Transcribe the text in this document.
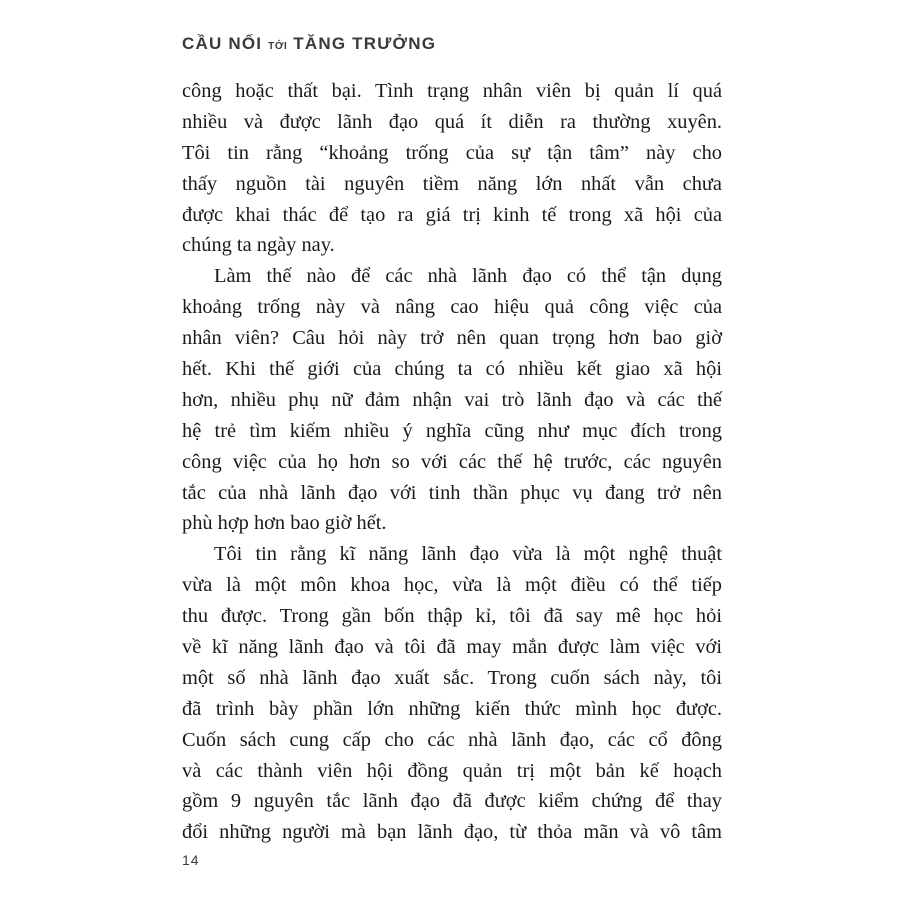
CẦU NỐI TỚI TĂNG TRƯỞNG
công hoặc thất bại. Tình trạng nhân viên bị quản lí quá
nhiều và được lãnh đạo quá ít diễn ra thường xuyên.
Tôi tin rằng “khoảng trống của sự tận tâm” này cho
thấy nguồn tài nguyên tiềm năng lớn nhất vẫn chưa
được khai thác để tạo ra giá trị kinh tế trong xã hội của
chúng ta ngày nay.
Làm thế nào để các nhà lãnh đạo có thể tận dụng
khoảng trống này và nâng cao hiệu quả công việc của
nhân viên? Câu hỏi này trở nên quan trọng hơn bao giờ
hết. Khi thế giới của chúng ta có nhiều kết giao xã hội
hơn, nhiều phụ nữ đảm nhận vai trò lãnh đạo và các thế
hệ trẻ tìm kiếm nhiều ý nghĩa cũng như mục đích trong
công việc của họ hơn so với các thế hệ trước, các nguyên
tắc của nhà lãnh đạo với tinh thần phục vụ đang trở nên
phù hợp hơn bao giờ hết.
Tôi tin rằng kĩ năng lãnh đạo vừa là một nghệ thuật
vừa là một môn khoa học, vừa là một điều có thể tiếp
thu được. Trong gần bốn thập kỉ, tôi đã say mê học hỏi
về kĩ năng lãnh đạo và tôi đã may mắn được làm việc với
một số nhà lãnh đạo xuất sắc. Trong cuốn sách này, tôi
đã trình bày phần lớn những kiến thức mình học được.
Cuốn sách cung cấp cho các nhà lãnh đạo, các cổ đông
và các thành viên hội đồng quản trị một bản kế hoạch
gồm 9 nguyên tắc lãnh đạo đã được kiểm chứng để thay
đổi những người mà bạn lãnh đạo, từ thỏa mãn và vô tâm
14
